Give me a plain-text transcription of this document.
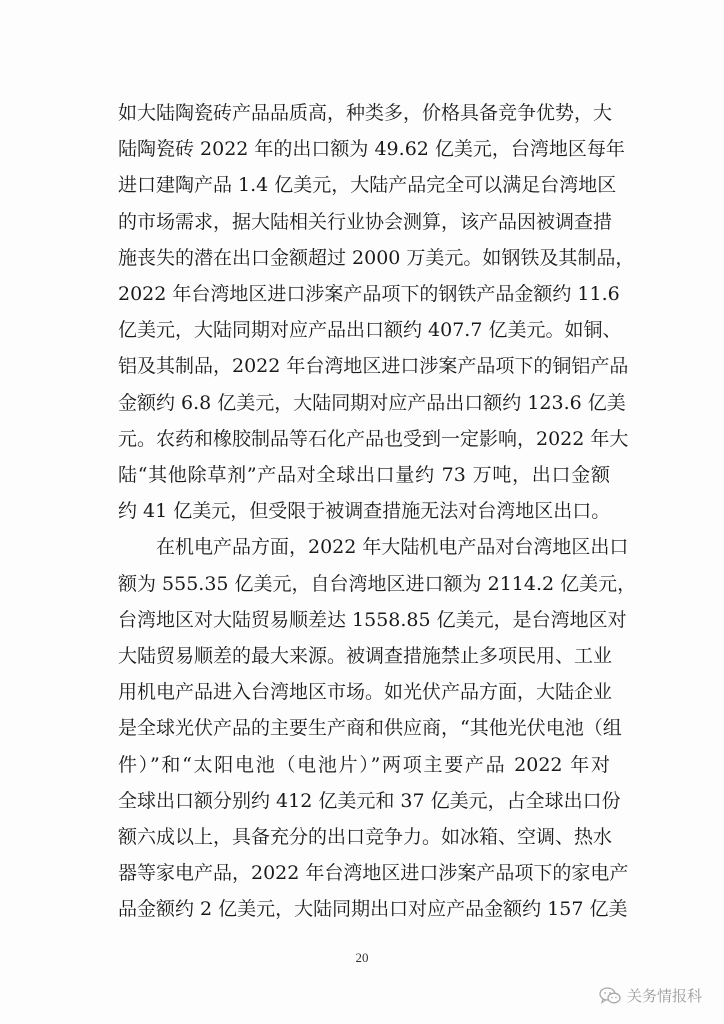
如大陆陶瓷砖产品品质高，种类多，价格具备竞争优势，大
陆陶瓷砖 2022 年的出口额为 49.62 亿美元，台湾地区每年
进口建陶产品 1.4 亿美元，大陆产品完全可以满足台湾地区
的市场需求，据大陆相关行业协会测算，该产品因被调查措
施丧失的潜在出口金额超过 2000 万美元。如钢铁及其制品，
2022 年台湾地区进口涉案产品项下的钢铁产品金额约 11.6
亿美元，大陆同期对应产品出口额约 407.7 亿美元。如铜、
铝及其制品，2022 年台湾地区进口涉案产品项下的铜铝产品
金额约 6.8 亿美元，大陆同期对应产品出口额约 123.6 亿美
元。农药和橡胶制品等石化产品也受到一定影响，2022 年大
陆“其他除草剂”产品对全球出口量约 73 万吨，出口金额
约 41 亿美元，但受限于被调查措施无法对台湾地区出口。
　　在机电产品方面，2022 年大陆机电产品对台湾地区出口
额为 555.35 亿美元，自台湾地区进口额为 2114.2 亿美元，
台湾地区对大陆贸易顺差达 1558.85 亿美元，是台湾地区对
大陆贸易顺差的最大来源。被调查措施禁止多项民用、工业
用机电产品进入台湾地区市场。如光伏产品方面，大陆企业
是全球光伏产品的主要生产商和供应商，“其他光伏电池（组
件）”和“太阳电池（电池片）”两项主要产品 2022 年对
全球出口额分别约 412 亿美元和 37 亿美元，占全球出口份
额六成以上，具备充分的出口竞争力。如冰箱、空调、热水
器等家电产品，2022 年台湾地区进口涉案产品项下的家电产
品金额约 2 亿美元，大陆同期出口对应产品金额约 157 亿美
20
关务情报科
